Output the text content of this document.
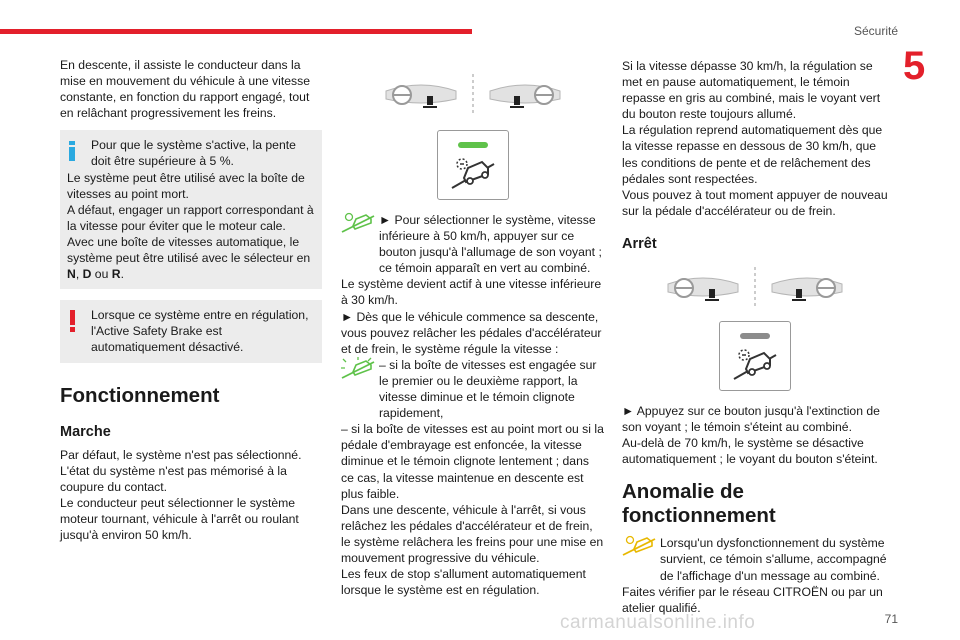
Sécurité
5

En descente, il assiste le conducteur dans la mise en mouvement du véhicule à une vitesse constante, en fonction du rapport engagé, tout en relâchant progressivement les freins.

Pour que le système s'active, la pente doit être supérieure à 5 %.

Le système peut être utilisé avec la boîte de vitesses au point mort.

A défaut, engager un rapport correspondant à la vitesse pour éviter que le moteur cale.

Avec une boîte de vitesses automatique, le système peut être utilisé avec le sélecteur en N, D ou R.

Lorsque ce système entre en régulation, l'Active Safety Brake est automatiquement désactivé.

Fonctionnement
Marche

Par défaut, le système n'est pas sélectionné.

L'état du système n'est pas mémorisé à la coupure du contact.

Le conducteur peut sélectionner le système moteur tournant, véhicule à l'arrêt ou roulant jusqu'à environ 50 km/h.

► Pour sélectionner le système, vitesse inférieure à 50 km/h, appuyer sur ce bouton jusqu'à l'allumage de son voyant ; ce témoin apparaît en vert au combiné.

Le système devient actif à une vitesse inférieure à 30 km/h.

► Dès que le véhicule commence sa descente, vous pouvez relâcher les pédales d'accélérateur et de frein, le système régule la vitesse :

– si la boîte de vitesses est engagée sur le premier ou le deuxième rapport, la vitesse diminue et le témoin clignote rapidement,

– si la boîte de vitesses est au point mort ou si la pédale d'embrayage est enfoncée, la vitesse diminue et le témoin clignote lentement ; dans ce cas, la vitesse maintenue en descente est plus faible.

Dans une descente, véhicule à l'arrêt, si vous relâchez les pédales d'accélérateur et de frein, le système relâchera les freins pour une mise en mouvement progressive du véhicule.

Les feux de stop s'allument automatiquement lorsque le système est en régulation.

Si la vitesse dépasse 30 km/h, la régulation se met en pause automatiquement, le témoin repasse en gris au combiné, mais le voyant vert du bouton reste toujours allumé.

La régulation reprend automatiquement dès que la vitesse repasse en dessous de 30 km/h, que les conditions de pente et de relâchement des pédales sont respectées.

Vous pouvez à tout moment appuyer de nouveau sur la pédale d'accélérateur ou de frein.

Arrêt

► Appuyez sur ce bouton jusqu'à l'extinction de son voyant ; le témoin s'éteint au combiné.

Au-delà de 70 km/h, le système se désactive automatiquement ; le voyant du bouton s'éteint.

Anomalie de
fonctionnement

Lorsqu'un dysfonctionnement du système survient, ce témoin s'allume, accompagné de l'affichage d'un message au combiné.

Faites vérifier par le réseau CITROËN ou par un atelier qualifié.

carmanualsonline.info	71
